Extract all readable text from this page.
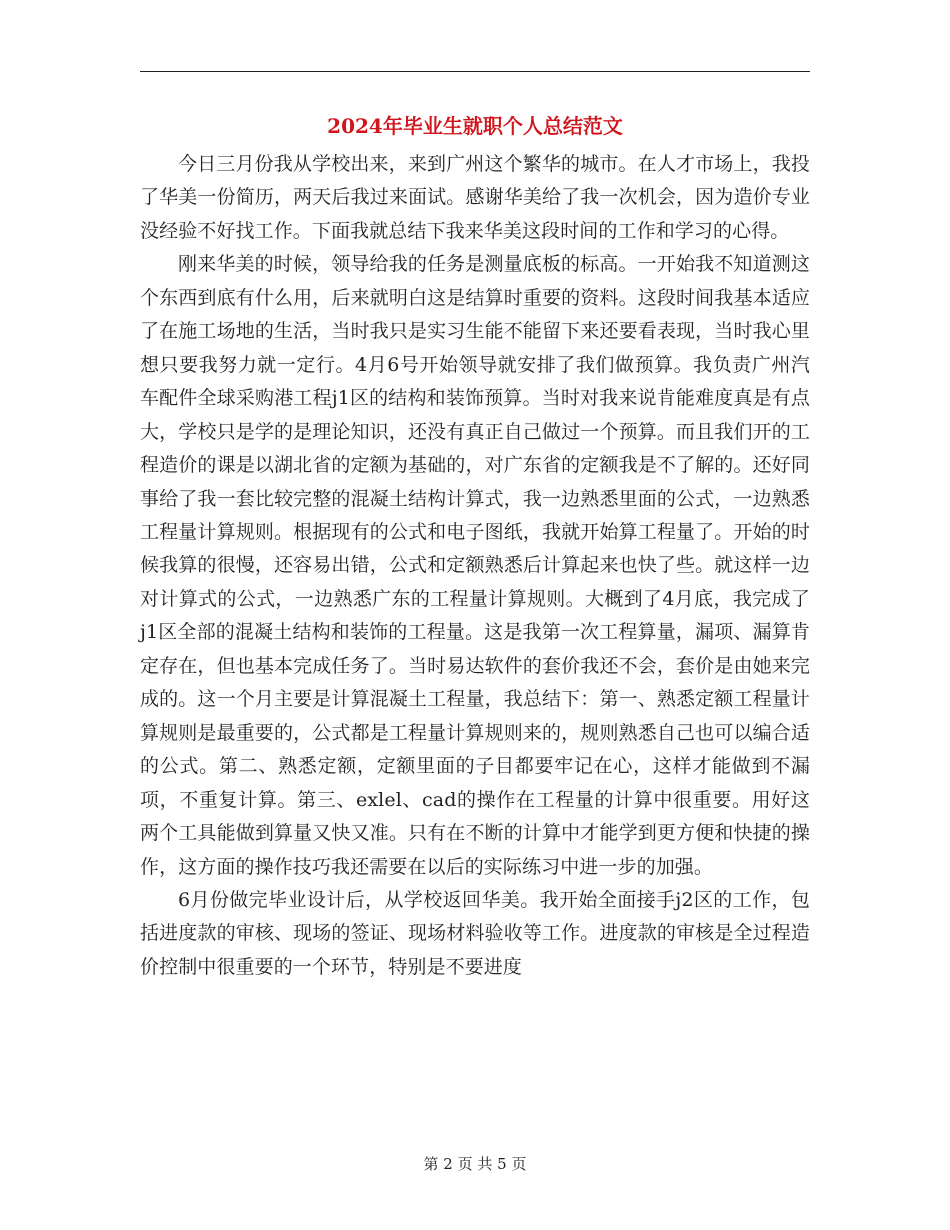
2024年毕业生就职个人总结范文

今日三月份我从学校出来，来到广州这个繁华的城市。在人才市场上，我投了华美一份简历，两天后我过来面试。感谢华美给了我一次机会，因为造价专业没经验不好找工作。下面我就总结下我来华美这段时间的工作和学习的心得。

刚来华美的时候，领导给我的任务是测量底板的标高。一开始我不知道测这个东西到底有什么用，后来就明白这是结算时重要的资料。这段时间我基本适应了在施工场地的生活，当时我只是实习生能不能留下来还要看表现，当时我心里想只要我努力就一定行。4月6号开始领导就安排了我们做预算。我负责广州汽车配件全球采购港工程j1区的结构和装饰预算。当时对我来说肯能难度真是有点大，学校只是学的是理论知识，还没有真正自己做过一个预算。而且我们开的工程造价的课是以湖北省的定额为基础的，对广东省的定额我是不了解的。还好同事给了我一套比较完整的混凝土结构计算式，我一边熟悉里面的公式，一边熟悉工程量计算规则。根据现有的公式和电子图纸，我就开始算工程量了。开始的时候我算的很慢，还容易出错，公式和定额熟悉后计算起来也快了些。就这样一边对计算式的公式，一边熟悉广东的工程量计算规则。大概到了4月底，我完成了j1区全部的混凝土结构和装饰的工程量。这是我第一次工程算量，漏项、漏算肯定存在，但也基本完成任务了。当时易达软件的套价我还不会，套价是由她来完成的。这一个月主要是计算混凝土工程量，我总结下：第一、熟悉定额工程量计算规则是最重要的，公式都是工程量计算规则来的，规则熟悉自己也可以编合适的公式。第二、熟悉定额，定额里面的子目都要牢记在心，这样才能做到不漏项，不重复计算。第三、exlel、cad的操作在工程量的计算中很重要。用好这两个工具能做到算量又快又准。只有在不断的计算中才能学到更方便和快捷的操作，这方面的操作技巧我还需要在以后的实际练习中进一步的加强。

6月份做完毕业设计后，从学校返回华美。我开始全面接手j2区的工作，包括进度款的审核、现场的签证、现场材料验收等工作。进度款的审核是全过程造价控制中很重要的一个环节，特别是不要进度

第 2 页 共 5 页
